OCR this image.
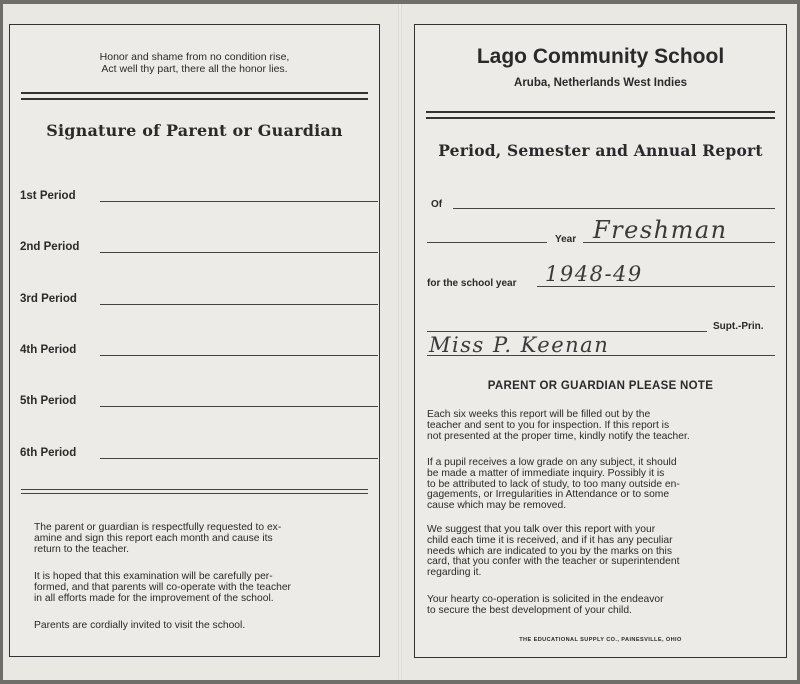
Honor and shame from no condition rise,
Act well thy part, there all the honor lies.
Signature of Parent or Guardian
1st Period
2nd Period
3rd Period
4th Period
5th Period
6th Period
The parent or guardian is respectfully requested to ex-
amine and sign this report each month and cause its
return to the teacher.
It is hoped that this examination will be carefully per-
formed, and that parents will co-operate with the teacher
in all efforts made for the improvement of the school.
Parents are cordially invited to visit the school.
Lago Community School
Aruba, Netherlands West Indies
Period, Semester and Annual Report
Of
Year Freshman
for the school year 1948-49
Supt.-Prin.
Miss P. Keenan
PARENT OR GUARDIAN PLEASE NOTE
Each six weeks this report will be filled out by the
teacher and sent to you for inspection. If this report is
not presented at the proper time, kindly notify the teacher.
If a pupil receives a low grade on any subject, it should
be made a matter of immediate inquiry. Possibly it is
to be attributed to lack of study, to too many outside en-
gagements, or Irregularities in Attendance or to some
cause which may be removed.
We suggest that you talk over this report with your
child each time it is received, and if it has any peculiar
needs which are indicated to you by the marks on this
card, that you confer with the teacher or superintendent
regarding it.
Your hearty co-operation is solicited in the endeavor
to secure the best development of your child.
THE EDUCATIONAL SUPPLY CO., PAINESVILLE, OHIO
